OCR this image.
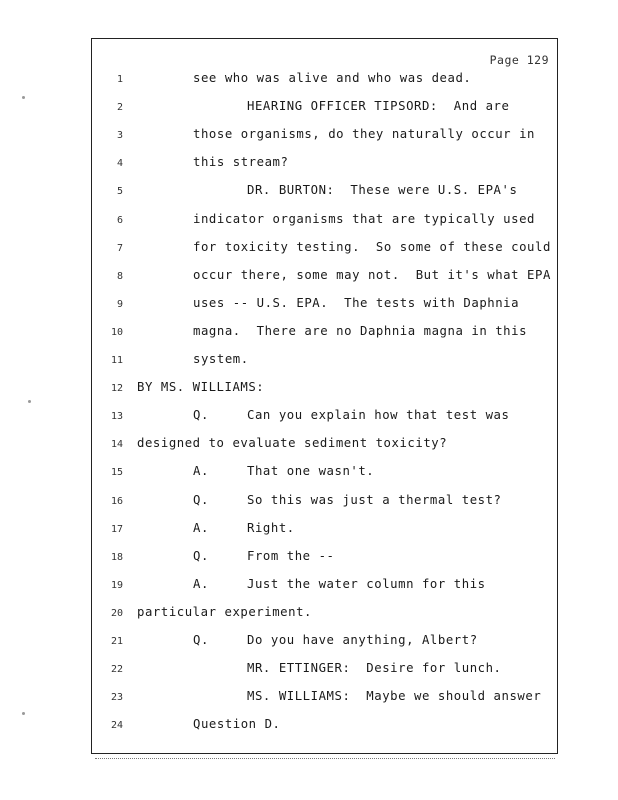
Page 129
1	see who was alive and who was dead.
2	HEARING OFFICER TIPSORD:  And are
3	those organisms, do they naturally occur in
4	this stream?
5	DR. BURTON:  These were U.S. EPA's
6	indicator organisms that are typically used
7	for toxicity testing.  So some of these could
8	occur there, some may not.  But it's what EPA
9	uses -- U.S. EPA.  The tests with Daphnia
10	magna.  There are no Daphnia magna in this
11	system.
12 BY MS. WILLIAMS:
13	Q.	Can you explain how that test was
14 designed to evaluate sediment toxicity?
15	A.	That one wasn't.
16	Q.	So this was just a thermal test?
17	A.	Right.
18	Q.	From the --
19	A.	Just the water column for this
20 particular experiment.
21	Q.	Do you have anything, Albert?
22	MR. ETTINGER:  Desire for lunch.
23	MS. WILLIAMS:  Maybe we should answer
24	Question D.
